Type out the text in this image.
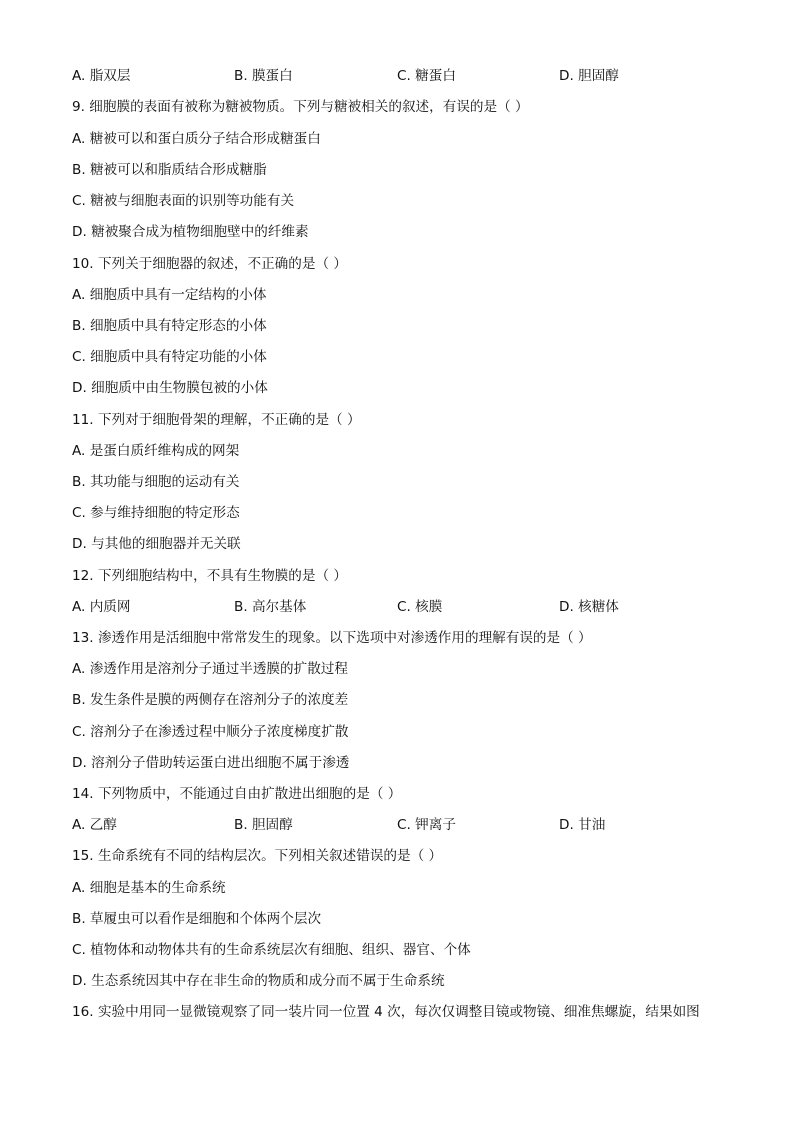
A. 脂双层	B. 膜蛋白	C. 糖蛋白	D. 胆固醇
9. 细胞膜的表面有被称为糖被物质。下列与糖被相关的叙述，有误的是（ ）
A. 糖被可以和蛋白质分子结合形成糖蛋白
B. 糖被可以和脂质结合形成糖脂
C. 糖被与细胞表面的识别等功能有关
D. 糖被聚合成为植物细胞壁中的纤维素
10. 下列关于细胞器的叙述，不正确的是（ ）
A. 细胞质中具有一定结构的小体
B. 细胞质中具有特定形态的小体
C. 细胞质中具有特定功能的小体
D. 细胞质中由生物膜包被的小体
11. 下列对于细胞骨架的理解，不正确的是（ ）
A. 是蛋白质纤维构成的网架
B. 其功能与细胞的运动有关
C. 参与维持细胞的特定形态
D. 与其他的细胞器并无关联
12. 下列细胞结构中，不具有生物膜的是（ ）
A. 内质网	B. 高尔基体	C. 核膜	D. 核糖体
13. 渗透作用是活细胞中常常发生的现象。以下选项中对渗透作用的理解有误的是（ ）
A. 渗透作用是溶剂分子通过半透膜的扩散过程
B. 发生条件是膜的两侧存在溶剂分子的浓度差
C. 溶剂分子在渗透过程中顺分子浓度梯度扩散
D. 溶剂分子借助转运蛋白进出细胞不属于渗透
14. 下列物质中，不能通过自由扩散进出细胞的是（ ）
A. 乙醇	B. 胆固醇	C. 钾离子	D. 甘油
15. 生命系统有不同的结构层次。下列相关叙述错误的是（ ）
A. 细胞是基本的生命系统
B. 草履虫可以看作是细胞和个体两个层次
C. 植物体和动物体共有的生命系统层次有细胞、组织、器官、个体
D. 生态系统因其中存在非生命的物质和成分而不属于生命系统
16. 实验中用同一显微镜观察了同一装片同一位置 4 次，每次仅调整目镜或物镜、细准焦螺旋，结果如图
